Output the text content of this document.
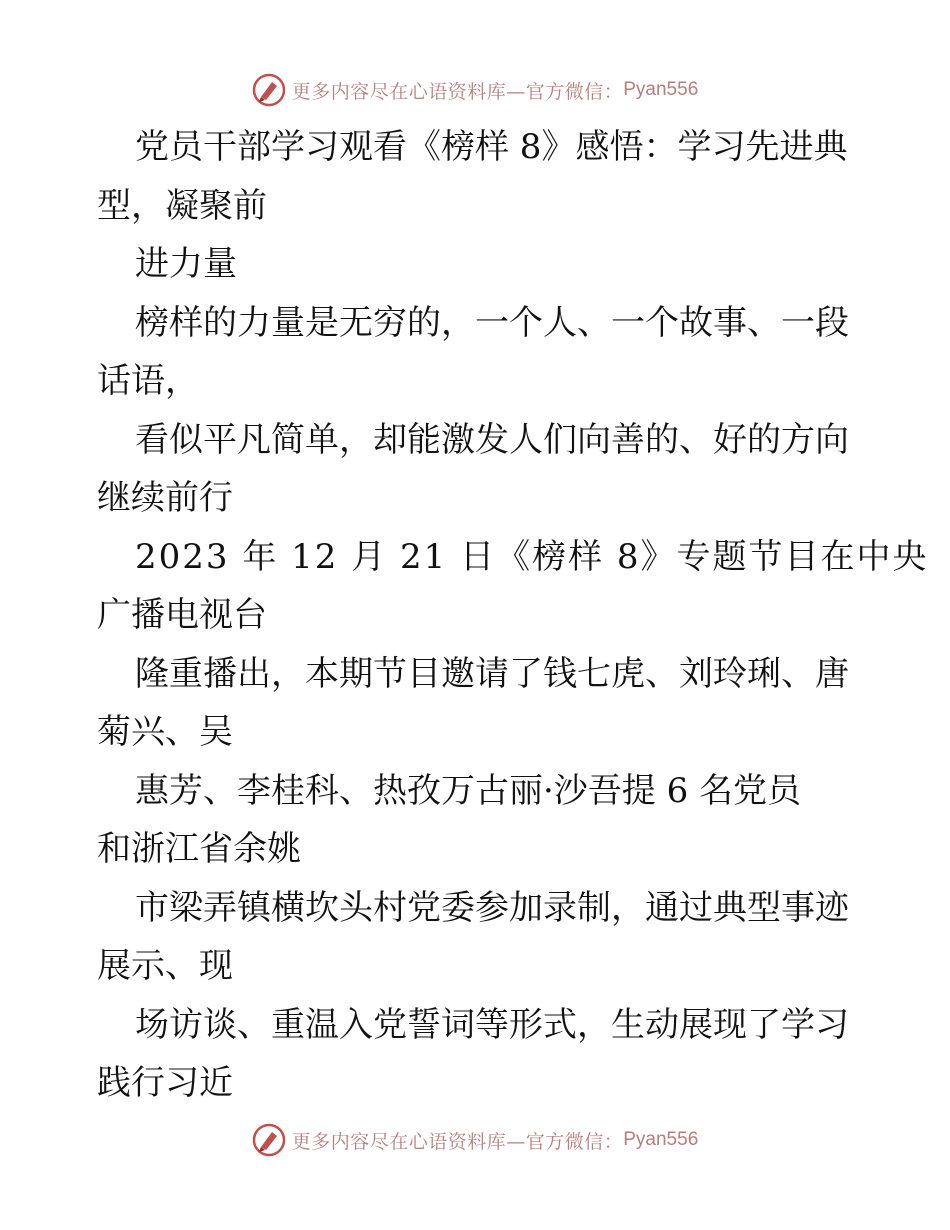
更多内容尽在心语资料库—官方微信： Pyan556
党员干部学习观看《榜样 8》感悟：学习先进典
型，凝聚前
进力量
榜样的力量是无穷的，一个人、一个故事、一段
话语，
看似平凡简单，却能激发人们向善的、好的方向
继续前行
2023 年 12 月 21 日《榜样 8》专题节目在中央
广播电视台
隆重播出，本期节目邀请了钱七虎、刘玲琍、唐
菊兴、吴
惠芳、李桂科、热孜万古丽·沙吾提 6 名党员
和浙江省余姚
市梁弄镇横坎头村党委参加录制，通过典型事迹
展示、现
场访谈、重温入党誓词等形式，生动展现了学习
践行习近
更多内容尽在心语资料库—官方微信： Pyan556
